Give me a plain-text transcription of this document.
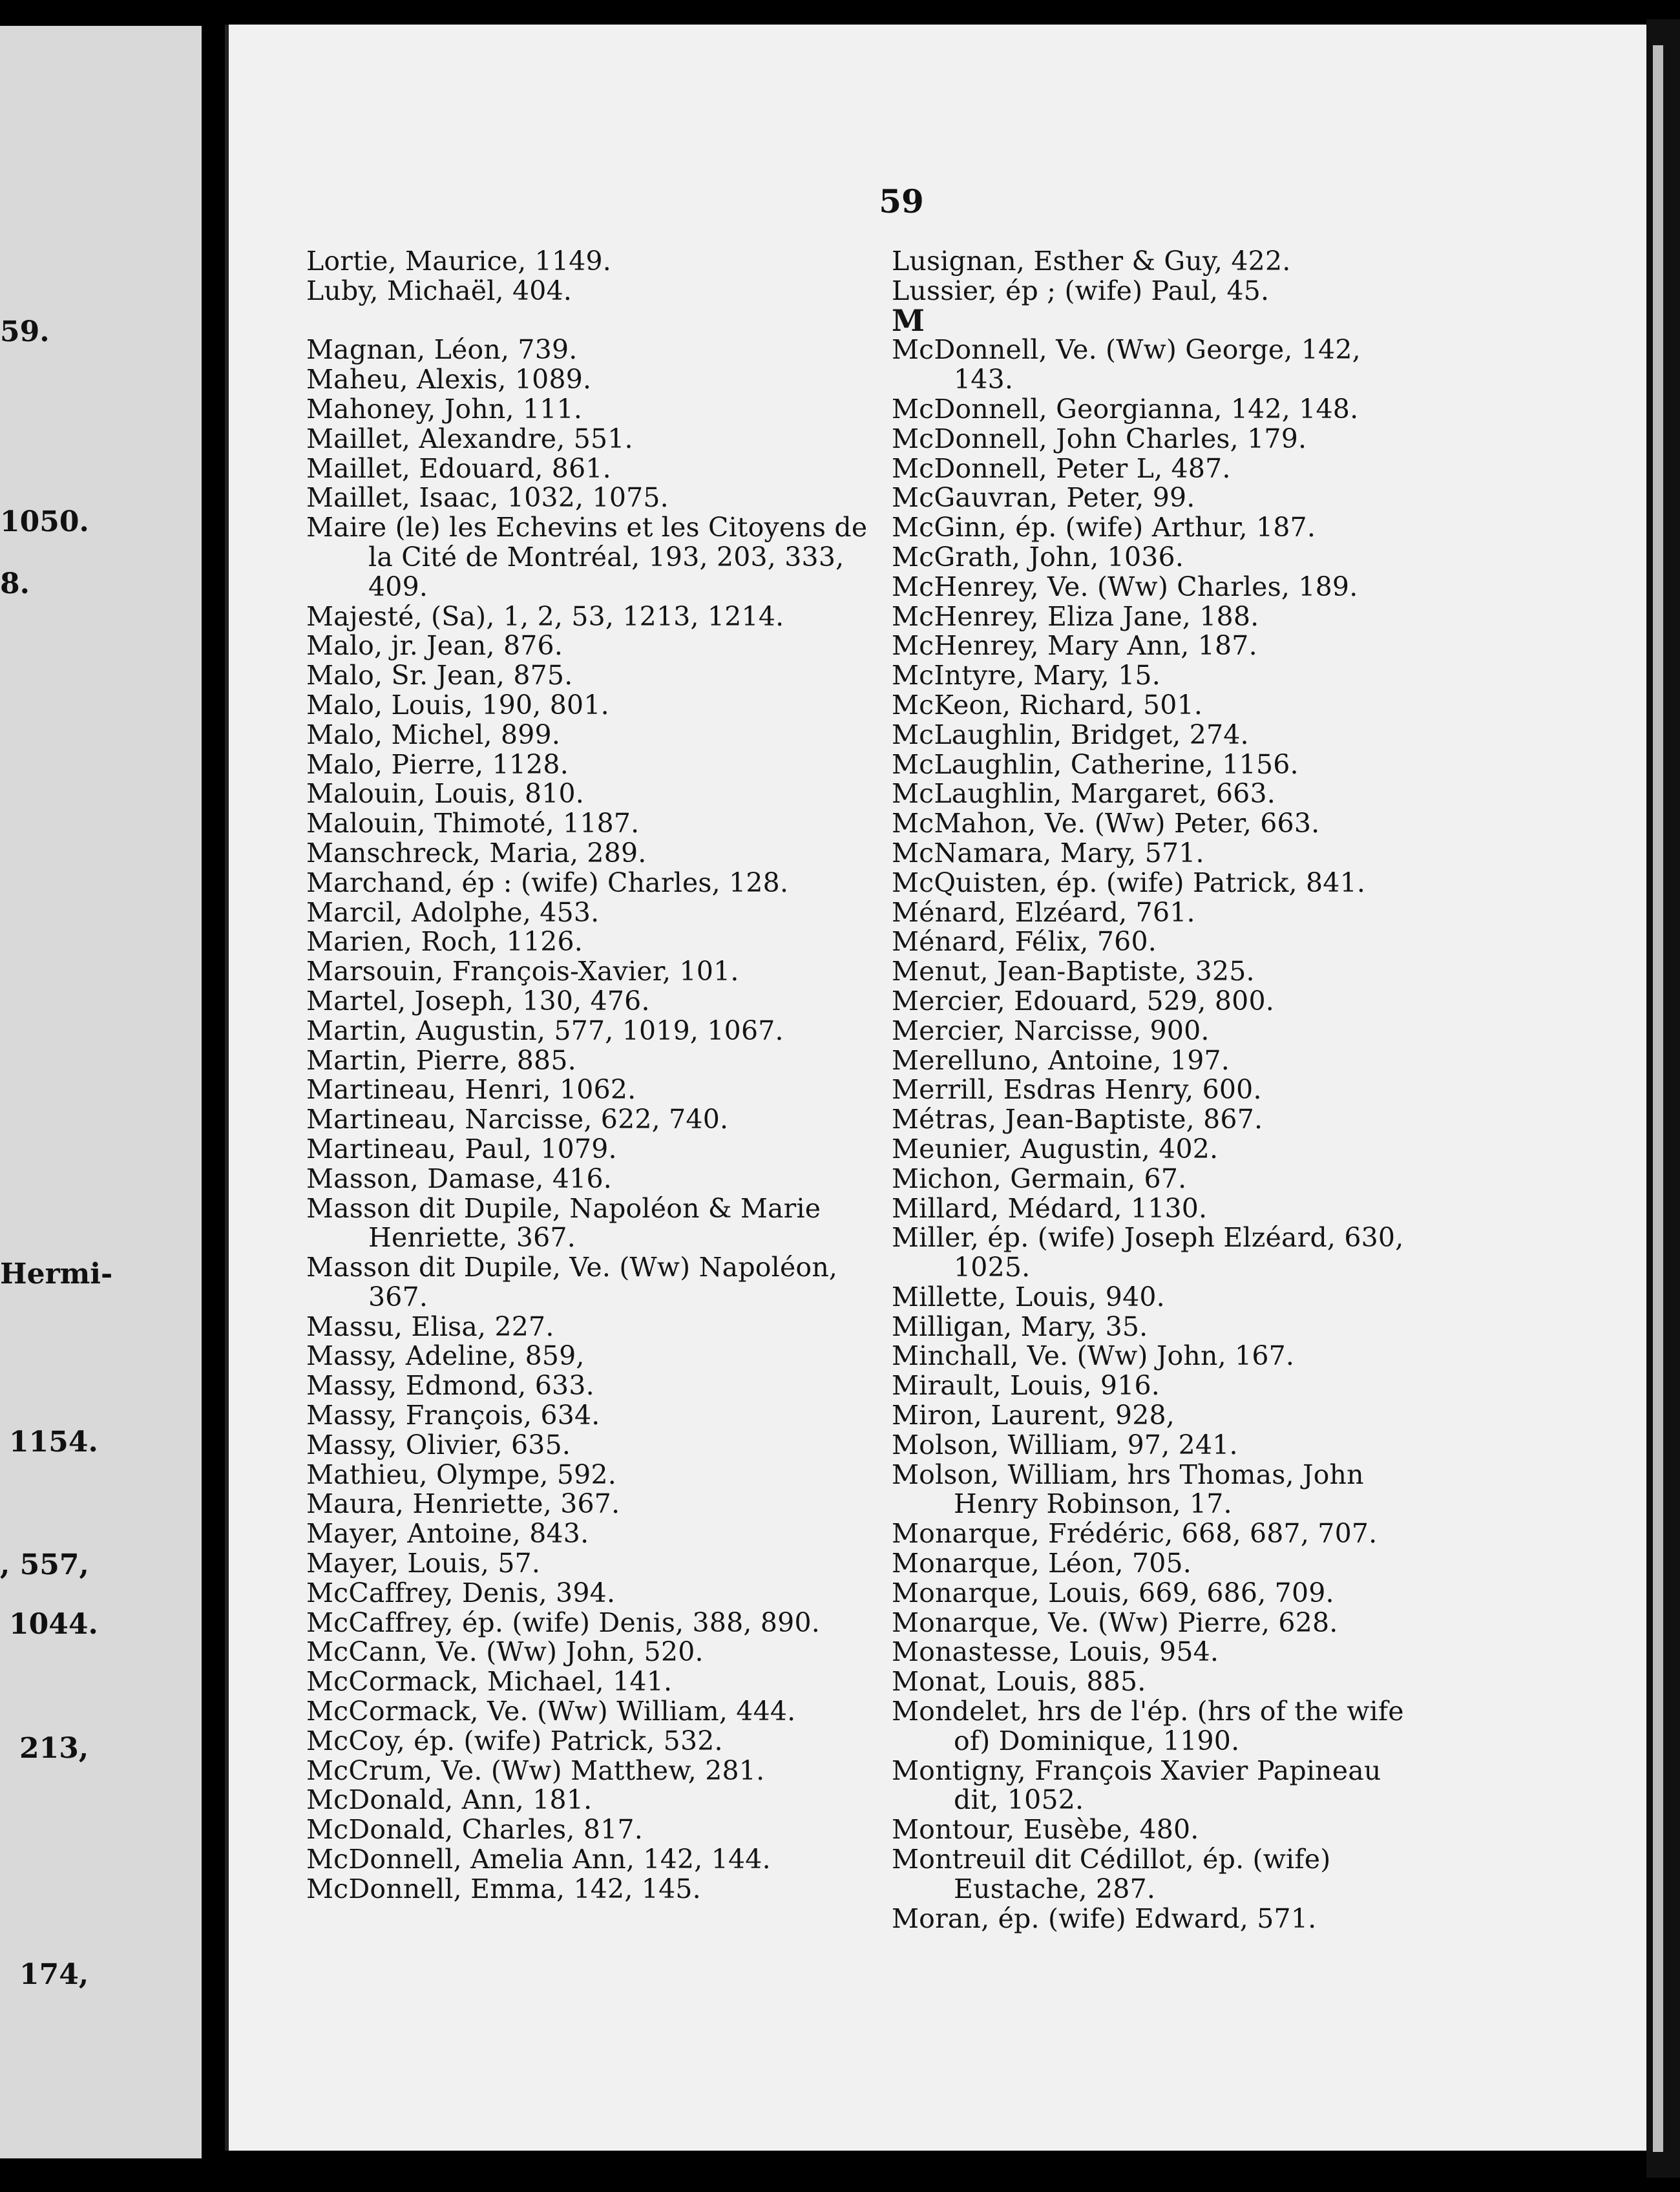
59.
1050.
8.
Hermi-
1154.
, 557,
1044.
213,
174,
59
Lortie, Maurice, 1149.
Luby, Michaël, 404.
Magnan, Léon, 739.
Maheu, Alexis, 1089.
Mahoney, John, 111.
Maillet, Alexandre, 551.
Maillet, Edouard, 861.
Maillet, Isaac, 1032, 1075.
Maire (le) les Echevins et les Citoyens de la Cité de Montréal, 193, 203, 333, 409.
Majesté, (Sa), 1, 2, 53, 1213, 1214.
Malo, jr. Jean, 876.
Malo, Sr. Jean, 875.
Malo, Louis, 190, 801.
Malo, Michel, 899.
Malo, Pierre, 1128.
Malouin, Louis, 810.
Malouin, Thimoté, 1187.
Manschreck, Maria, 289.
Marchand, ép : (wife) Charles, 128.
Marcil, Adolphe, 453.
Marien, Roch, 1126.
Marsouin, François-Xavier, 101.
Martel, Joseph, 130, 476.
Martin, Augustin, 577, 1019, 1067.
Martin, Pierre, 885.
Martineau, Henri, 1062.
Martineau, Narcisse, 622, 740.
Martineau, Paul, 1079.
Masson, Damase, 416.
Masson dit Dupile, Napoléon & Marie Henriette, 367.
Masson dit Dupile, Ve. (Ww) Napoléon, 367.
Massu, Elisa, 227.
Massy, Adeline, 859,
Massy, Edmond, 633.
Massy, François, 634.
Massy, Olivier, 635.
Mathieu, Olympe, 592.
Maura, Henriette, 367.
Mayer, Antoine, 843.
Mayer, Louis, 57.
McCaffrey, Denis, 394.
McCaffrey, ép. (wife) Denis, 388, 890.
McCann, Ve. (Ww) John, 520.
McCormack, Michael, 141.
McCormack, Ve. (Ww) William, 444.
McCoy, ép. (wife) Patrick, 532.
McCrum, Ve. (Ww) Matthew, 281.
McDonald, Ann, 181.
McDonald, Charles, 817.
McDonnell, Amelia Ann, 142, 144.
McDonnell, Emma, 142, 145.
Lusignan, Esther & Guy, 422.
Lussier, ép ; (wife) Paul, 45.
M
McDonnell, Ve. (Ww) George, 142, 143.
McDonnell, Georgianna, 142, 148.
McDonnell, John Charles, 179.
McDonnell, Peter L, 487.
McGauvran, Peter, 99.
McGinn, ép. (wife) Arthur, 187.
McGrath, John, 1036.
McHenrey, Ve. (Ww) Charles, 189.
McHenrey, Eliza Jane, 188.
McHenrey, Mary Ann, 187.
McIntyre, Mary, 15.
McKeon, Richard, 501.
McLaughlin, Bridget, 274.
McLaughlin, Catherine, 1156.
McLaughlin, Margaret, 663.
McMahon, Ve. (Ww) Peter, 663.
McNamara, Mary, 571.
McQuisten, ép. (wife) Patrick, 841.
Ménard, Elzéard, 761.
Ménard, Félix, 760.
Menut, Jean-Baptiste, 325.
Mercier, Edouard, 529, 800.
Mercier, Narcisse, 900.
Merelluno, Antoine, 197.
Merrill, Esdras Henry, 600.
Métras, Jean-Baptiste, 867.
Meunier, Augustin, 402.
Michon, Germain, 67.
Millard, Médard, 1130.
Miller, ép. (wife) Joseph Elzéard, 630, 1025.
Millette, Louis, 940.
Milligan, Mary, 35.
Minchall, Ve. (Ww) John, 167.
Mirault, Louis, 916.
Miron, Laurent, 928,
Molson, William, 97, 241.
Molson, William, hrs Thomas, John Henry Robinson, 17.
Monarque, Frédéric, 668, 687, 707.
Monarque, Léon, 705.
Monarque, Louis, 669, 686, 709.
Monarque, Ve. (Ww) Pierre, 628.
Monastesse, Louis, 954.
Monat, Louis, 885.
Mondelet, hrs de l'ép. (hrs of the wife of) Dominique, 1190.
Montigny, François Xavier Papineau dit, 1052.
Montour, Eusèbe, 480.
Montreuil dit Cédillot, ép. (wife) Eustache, 287.
Moran, ép. (wife) Edward, 571.
